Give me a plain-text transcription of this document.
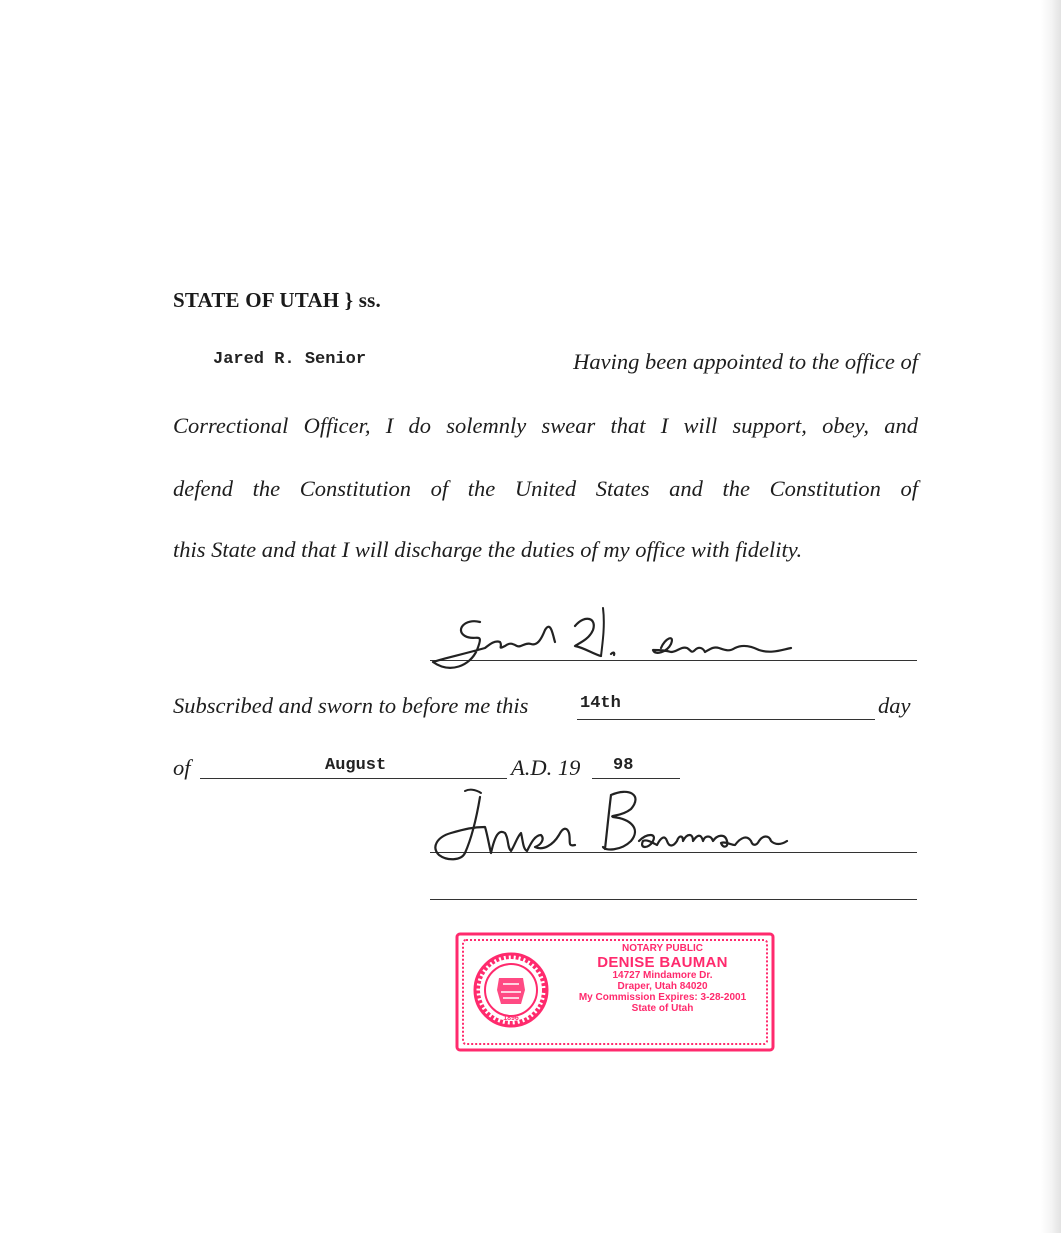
STATE OF UTAH } ss.
Jared R. Senior	Having been appointed to the office of
Correctional Officer, I do solemnly swear that I will support, obey, and
defend the Constitution of the United States and the Constitution of
this State and that I will discharge the duties of my office with fidelity.
Subscribed and sworn to before me this	14th	day
of	August	A.D. 19 98
1896
NOTARY PUBLIC
DENISE BAUMAN
14727 Mindamore Dr.
Draper, Utah 84020
My Commission Expires: 3-28-2001
State of Utah
